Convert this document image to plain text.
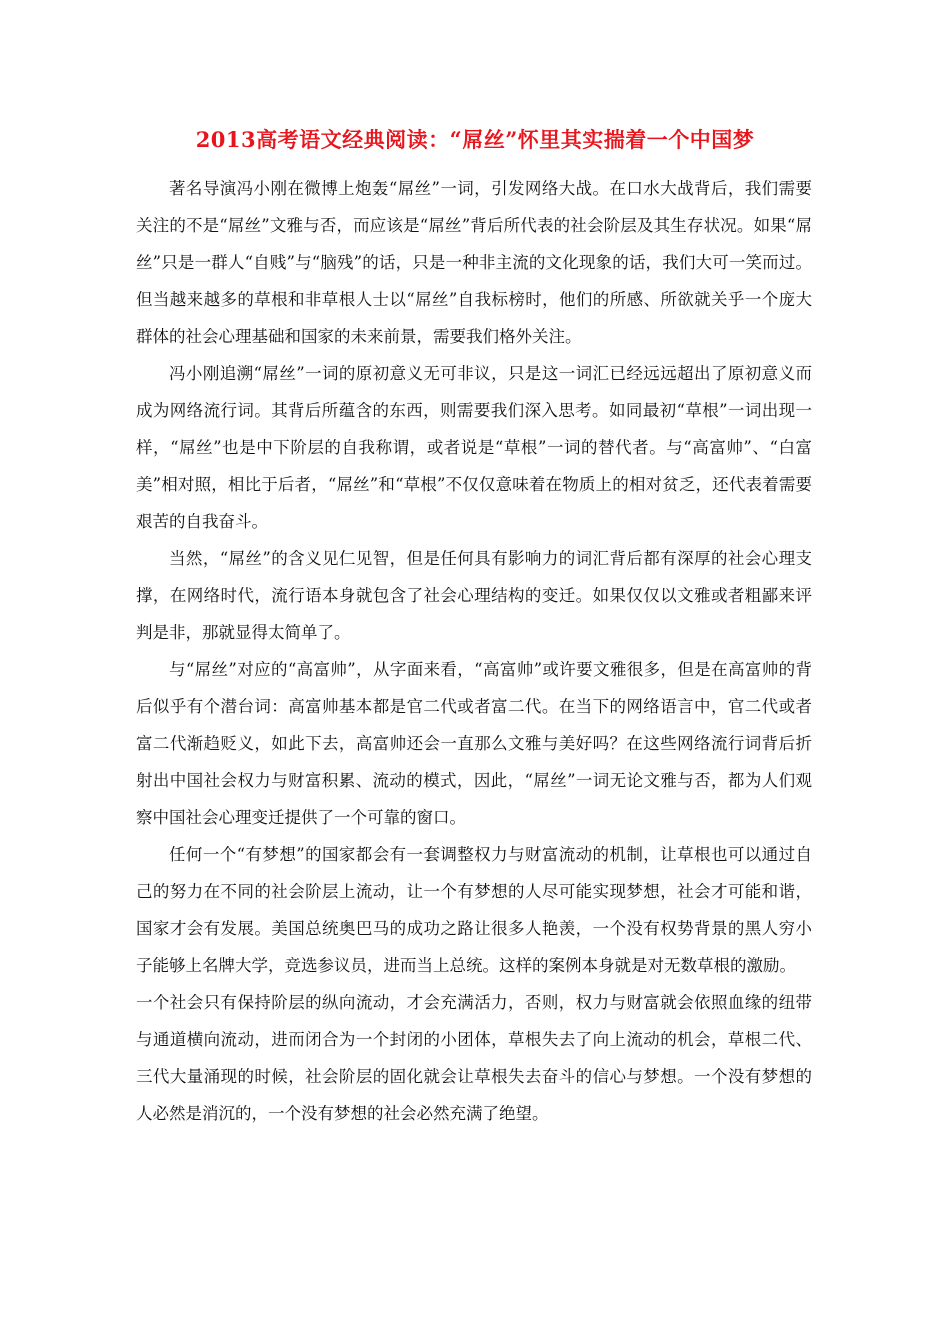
2013高考语文经典阅读：“屌丝”怀里其实揣着一个中国梦

著名导演冯小刚在微博上炮轰“屌丝”一词，引发网络大战。在口水大战背后，我们需要关注的不是“屌丝”文雅与否，而应该是“屌丝”背后所代表的社会阶层及其生存状况。如果“屌丝”只是一群人“自贱”与“脑残”的话，只是一种非主流的文化现象的话，我们大可一笑而过。但当越来越多的草根和非草根人士以“屌丝”自我标榜时，他们的所感、所欲就关乎一个庞大群体的社会心理基础和国家的未来前景，需要我们格外关注。

冯小刚追溯“屌丝”一词的原初意义无可非议，只是这一词汇已经远远超出了原初意义而成为网络流行词。其背后所蕴含的东西，则需要我们深入思考。如同最初“草根”一词出现一样，“屌丝”也是中下阶层的自我称谓，或者说是“草根”一词的替代者。与“高富帅”、“白富美”相对照，相比于后者，“屌丝”和“草根”不仅仅意味着在物质上的相对贫乏，还代表着需要艰苦的自我奋斗。

当然，“屌丝”的含义见仁见智，但是任何具有影响力的词汇背后都有深厚的社会心理支撑，在网络时代，流行语本身就包含了社会心理结构的变迁。如果仅仅以文雅或者粗鄙来评判是非，那就显得太简单了。

与“屌丝”对应的“高富帅”，从字面来看，“高富帅”或许要文雅很多，但是在高富帅的背后似乎有个潜台词：高富帅基本都是官二代或者富二代。在当下的网络语言中，官二代或者富二代渐趋贬义，如此下去，高富帅还会一直那么文雅与美好吗？在这些网络流行词背后折射出中国社会权力与财富积累、流动的模式，因此，“屌丝”一词无论文雅与否，都为人们观察中国社会心理变迁提供了一个可靠的窗口。

任何一个“有梦想”的国家都会有一套调整权力与财富流动的机制，让草根也可以通过自己的努力在不同的社会阶层上流动，让一个有梦想的人尽可能实现梦想，社会才可能和谐，国家才会有发展。美国总统奥巴马的成功之路让很多人艳羡，一个没有权势背景的黑人穷小子能够上名牌大学，竞选参议员，进而当上总统。这样的案例本身就是对无数草根的激励。

一个社会只有保持阶层的纵向流动，才会充满活力，否则，权力与财富就会依照血缘的纽带与通道横向流动，进而闭合为一个封闭的小团体，草根失去了向上流动的机会，草根二代、三代大量涌现的时候，社会阶层的固化就会让草根失去奋斗的信心与梦想。一个没有梦想的人必然是消沉的，一个没有梦想的社会必然充满了绝望。
